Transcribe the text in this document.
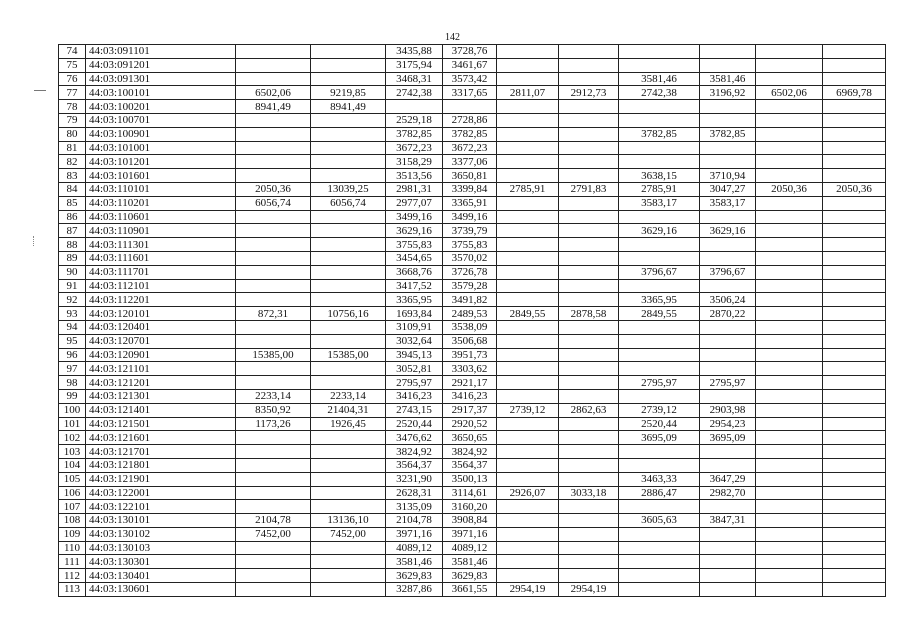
142
74	44:03:091101			3435,88	3728,76						
75	44:03:091201			3175,94	3461,67						
76	44:03:091301			3468,31	3573,42			3581,46	3581,46		
77	44:03:100101	6502,06	9219,85	2742,38	3317,65	2811,07	2912,73	2742,38	3196,92	6502,06	6969,78
78	44:03:100201	8941,49	8941,49								
79	44:03:100701			2529,18	2728,86						
80	44:03:100901			3782,85	3782,85			3782,85	3782,85		
81	44:03:101001			3672,23	3672,23						
82	44:03:101201			3158,29	3377,06						
83	44:03:101601			3513,56	3650,81			3638,15	3710,94		
84	44:03:110101	2050,36	13039,25	2981,31	3399,84	2785,91	2791,83	2785,91	3047,27	2050,36	2050,36
85	44:03:110201	6056,74	6056,74	2977,07	3365,91			3583,17	3583,17		
86	44:03:110601			3499,16	3499,16						
87	44:03:110901			3629,16	3739,79			3629,16	3629,16		
88	44:03:111301			3755,83	3755,83						
89	44:03:111601			3454,65	3570,02						
90	44:03:111701			3668,76	3726,78			3796,67	3796,67		
91	44:03:112101			3417,52	3579,28						
92	44:03:112201			3365,95	3491,82			3365,95	3506,24		
93	44:03:120101	872,31	10756,16	1693,84	2489,53	2849,55	2878,58	2849,55	2870,22		
94	44:03:120401			3109,91	3538,09						
95	44:03:120701			3032,64	3506,68						
96	44:03:120901	15385,00	15385,00	3945,13	3951,73						
97	44:03:121101			3052,81	3303,62						
98	44:03:121201			2795,97	2921,17			2795,97	2795,97		
99	44:03:121301	2233,14	2233,14	3416,23	3416,23						
100	44:03:121401	8350,92	21404,31	2743,15	2917,37	2739,12	2862,63	2739,12	2903,98		
101	44:03:121501	1173,26	1926,45	2520,44	2920,52			2520,44	2954,23		
102	44:03:121601			3476,62	3650,65			3695,09	3695,09		
103	44:03:121701			3824,92	3824,92						
104	44:03:121801			3564,37	3564,37						
105	44:03:121901			3231,90	3500,13			3463,33	3647,29		
106	44:03:122001			2628,31	3114,61	2926,07	3033,18	2886,47	2982,70		
107	44:03:122101			3135,09	3160,20						
108	44:03:130101	2104,78	13136,10	2104,78	3908,84			3605,63	3847,31		
109	44:03:130102	7452,00	7452,00	3971,16	3971,16						
110	44:03:130103			4089,12	4089,12						
111	44:03:130301			3581,46	3581,46						
112	44:03:130401			3629,83	3629,83						
113	44:03:130601			3287,86	3661,55	2954,19	2954,19				
